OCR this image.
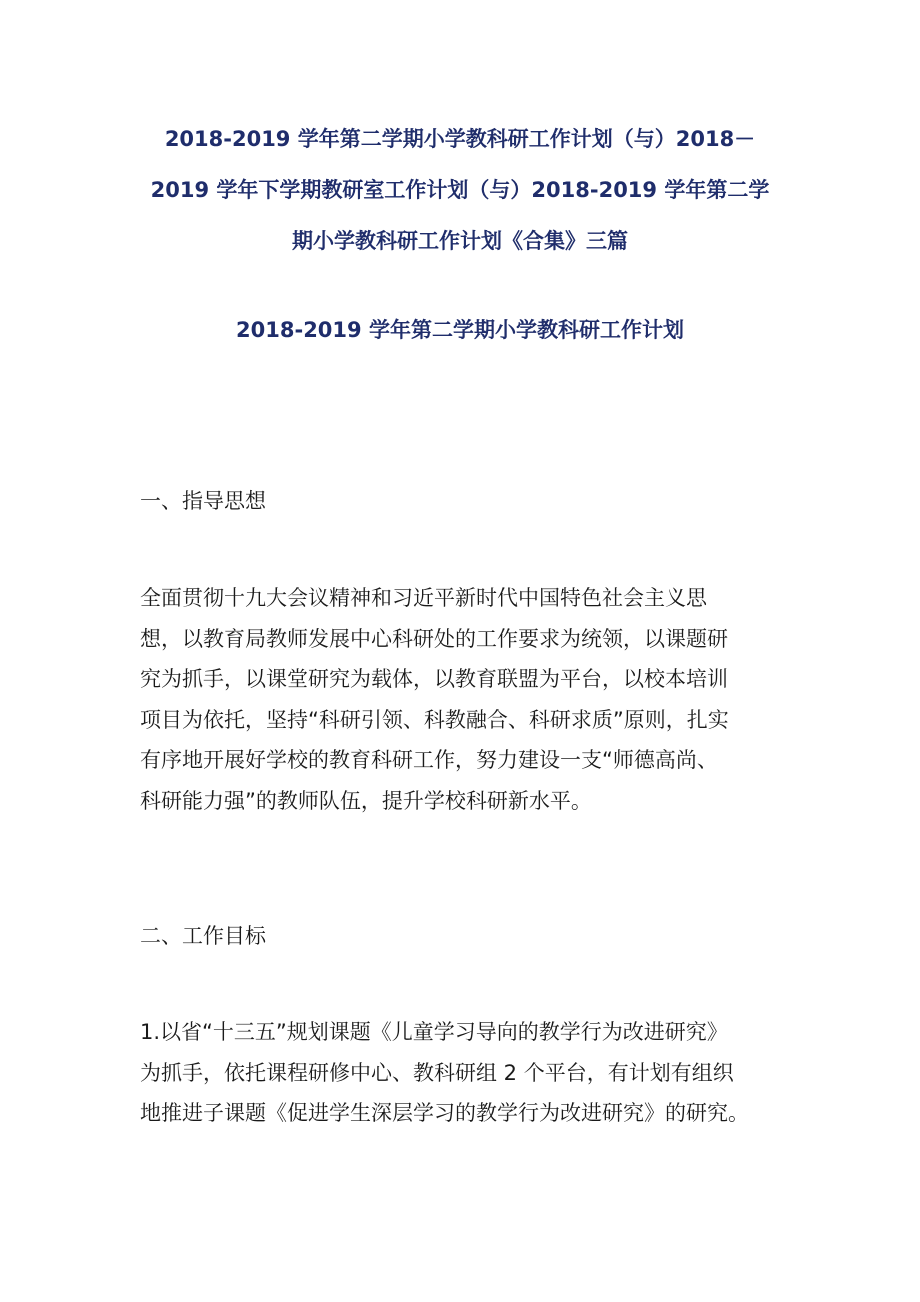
2018-2019 学年第二学期小学教科研工作计划（与）2018－
2019 学年下学期教研室工作计划（与）2018-2019 学年第二学
期小学教科研工作计划《合集》三篇
2018-2019 学年第二学期小学教科研工作计划
一、指导思想
全面贯彻十九大会议精神和习近平新时代中国特色社会主义思
想，以教育局教师发展中心科研处的工作要求为统领，以课题研
究为抓手，以课堂研究为载体，以教育联盟为平台，以校本培训
项目为依托，坚持“科研引领、科教融合、科研求质”原则，扎实
有序地开展好学校的教育科研工作，努力建设一支“师德高尚、
科研能力强”的教师队伍，提升学校科研新水平。
二、工作目标
1.以省“十三五”规划课题《儿童学习导向的教学行为改进研究》
为抓手，依托课程研修中心、教科研组 2 个平台，有计划有组织
地推进子课题《促进学生深层学习的教学行为改进研究》的研究。
